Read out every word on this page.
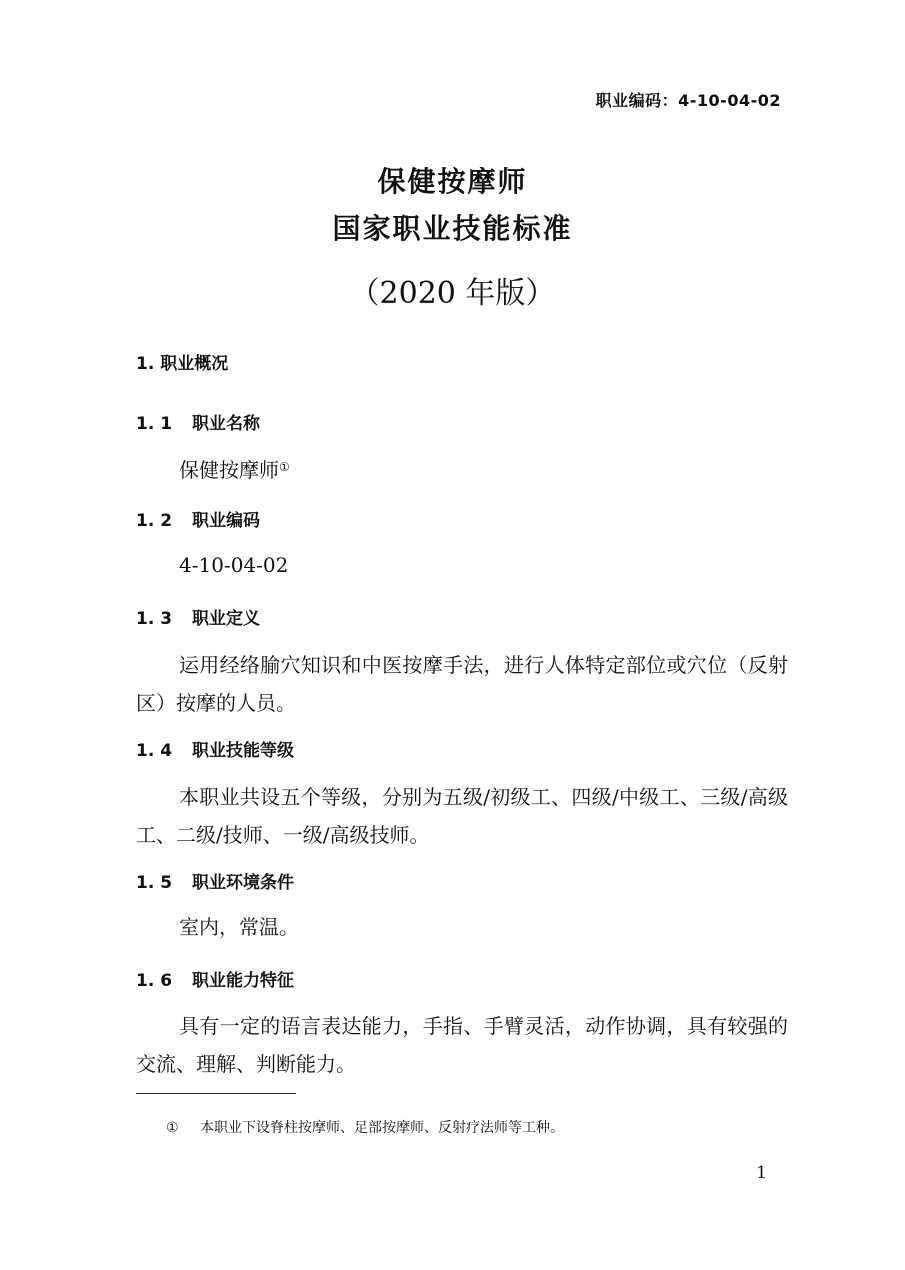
职业编码：4-10-04-02
保健按摩师
国家职业技能标准
（2020 年版）
1. 职业概况
1. 1 职业名称
保健按摩师①
1. 2 职业编码
4-10-04-02
1. 3 职业定义
运用经络腧穴知识和中医按摩手法，进行人体特定部位或穴位（反射区）按摩的人员。
1. 4 职业技能等级
本职业共设五个等级，分别为五级/初级工、四级/中级工、三级/高级工、二级/技师、一级/高级技师。
1. 5 职业环境条件
室内，常温。
1. 6 职业能力特征
具有一定的语言表达能力，手指、手臂灵活，动作协调，具有较强的交流、理解、判断能力。
① 本职业下设脊柱按摩师、足部按摩师、反射疗法师等工种。
1
